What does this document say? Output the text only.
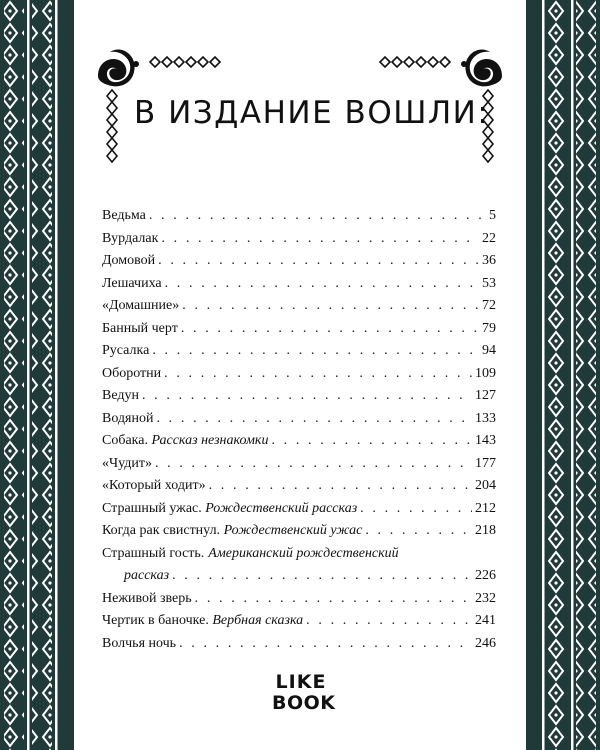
В ИЗДАНИЕ ВОШЛИ:
Ведьма . . .	5
Вурдалак . . .	22
Домовой . . .	36
Лешачиха . . .	53
«Домашние» . . .	72
Банный черт . . .	79
Русалка . . .	94
Оборотни . . .	109
Ведун . . .	127
Водяной . . .	133
Собака. Рассказ незнакомки . . .	143
«Чудит» . . .	177
«Который ходит» . . .	204
Страшный ужас. Рождественский рассказ . . .	212
Когда рак свистнул. Рождественский ужас . . .	218
Страшный гость. Американский рождественский
рассказ . . .	226
Неживой зверь . . .	232
Чертик в баночке. Вербная сказка . . .	241
Волчья ночь . . .	246
LIKE
BOOK
